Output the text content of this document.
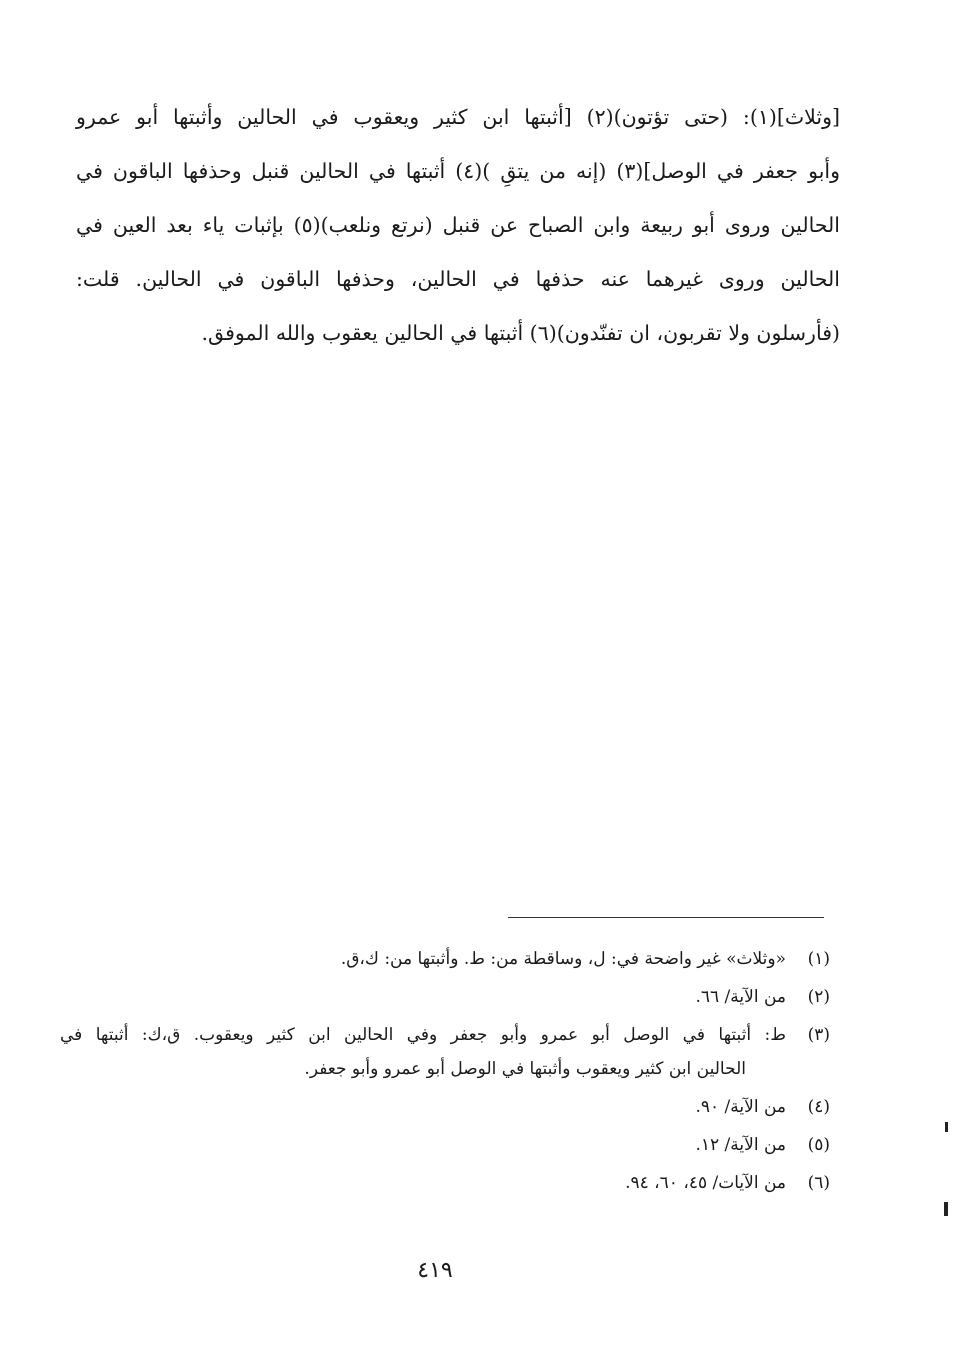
[وثلاث](١): (حتى تؤتون)(٢) [أثبتها ابن كثير ويعقوب في الحالين وأثبتها أبو عمرو
وأبو جعفر في الوصل](٣) (إنه من يتقِ )(٤) أثبتها في الحالين قنبل وحذفها الباقون في
الحالين وروى أبو ربيعة وابن الصباح عن قنبل (نرتع ونلعب)(٥) بإثبات ياء بعد العين في
الحالين وروى غيرهما عنه حذفها في الحالين، وحذفها الباقون في الحالين. قلت:
(فأرسلون ولا تقربون، ان تفنّدون)(٦) أثبتها في الحالين يعقوب والله الموفق.
(١)
«وثلاث» غير واضحة في: ل، وساقطة من: ط. وأثبتها من: ك،ق.
(٢)
من الآية/ ٦٦.
(٣)
ط: أثبتها في الوصل أبو عمرو وأبو جعفر وفي الحالين ابن كثير ويعقوب. ق،ك: أثبتها في
الحالين ابن كثير ويعقوب وأثبتها في الوصل أبو عمرو وأبو جعفر.
(٤)
من الآية/ ٩٠.
(٥)
من الآية/ ١٢.
(٦)
من الآيات/ ٤٥، ٦٠، ٩٤.
٤١٩
